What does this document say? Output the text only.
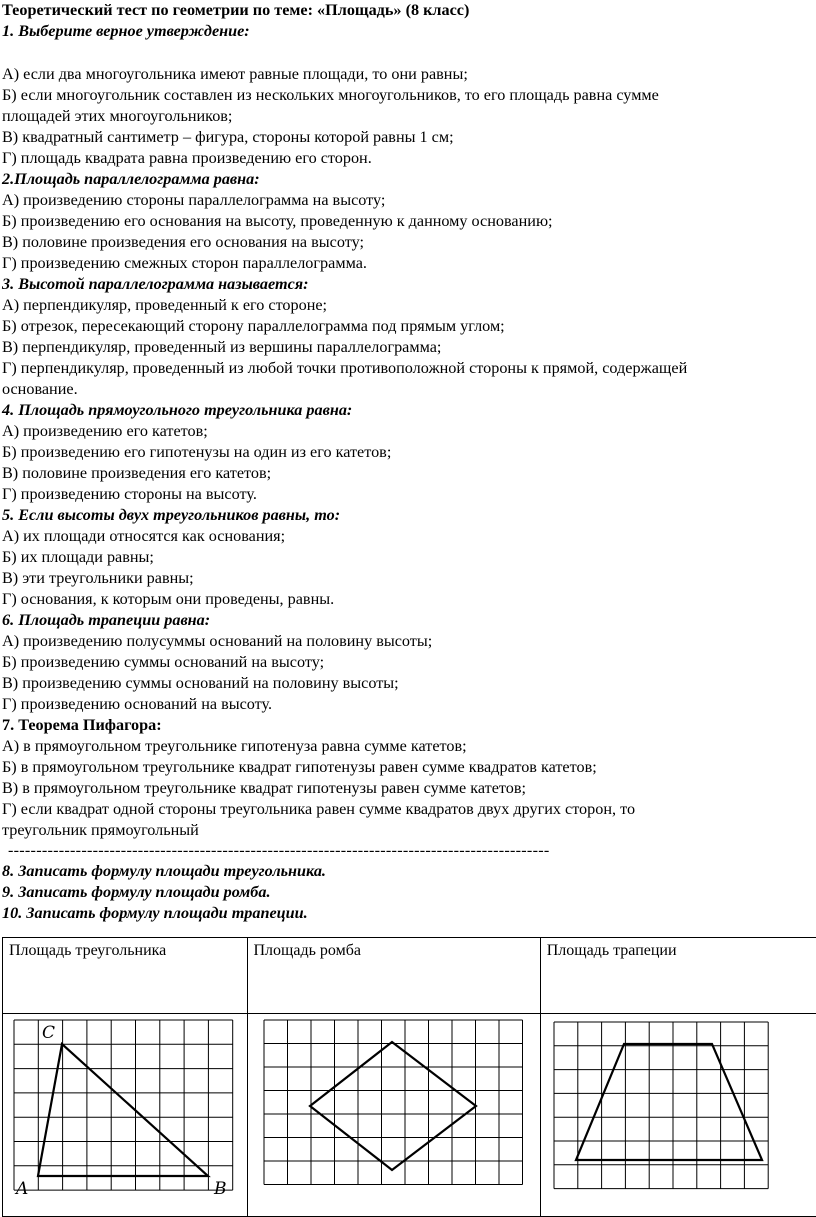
Теоретический тест по геометрии по теме: «Площадь» (8 класс)
1. Выберите верное утверждение:
А) если два многоугольника имеют равные площади, то они равны;
Б) если многоугольник составлен из нескольких многоугольников, то его площадь равна сумме
площадей этих многоугольников;
В) квадратный сантиметр – фигура, стороны которой равны 1 см;
Г) площадь квадрата равна произведению его сторон.
2.Площадь параллелограмма равна:
А) произведению стороны параллелограмма на высоту;
Б) произведению его основания на высоту, проведенную к данному основанию;
В) половине произведения его основания на высоту;
Г) произведению смежных сторон параллелограмма.
3. Высотой параллелограмма называется:
А) перпендикуляр, проведенный к его стороне;
Б) отрезок, пересекающий сторону параллелограмма под прямым углом;
В) перпендикуляр, проведенный из вершины параллелограмма;
Г) перпендикуляр, проведенный из любой точки противоположной стороны к прямой, содержащей
основание.
4. Площадь прямоугольного треугольника равна:
А) произведению его катетов;
Б) произведению его гипотенузы на один из его катетов;
В) половине произведения его катетов;
Г) произведению стороны на высоту.
5. Если высоты двух треугольников равны, то:
А) их площади относятся как основания;
Б) их площади равны;
В) эти треугольники равны;
Г) основания, к которым они проведены, равны.
6. Площадь трапеции равна:
А) произведению полусуммы оснований на половину высоты;
Б) произведению суммы оснований на высоту;
В) произведению суммы оснований на половину высоты;
Г) произведению оснований на высоту.
7. Теорема Пифагора:
А) в прямоугольном треугольнике гипотенуза равна сумме катетов;
Б) в прямоугольном треугольнике квадрат гипотенузы равен сумме квадратов катетов;
В) в прямоугольном треугольнике квадрат гипотенузы равен сумме катетов;
Г) если квадрат одной стороны треугольника равен сумме квадратов двух других сторон, то
треугольник прямоугольный
------------------------------------------------------------------------------------------------
8. Записать формулу площади треугольника.
9. Записать формулу площади ромба.
10. Записать формулу площади трапеции.
Площадь треугольника	Площадь ромба	Площадь трапеции

C
A	B
